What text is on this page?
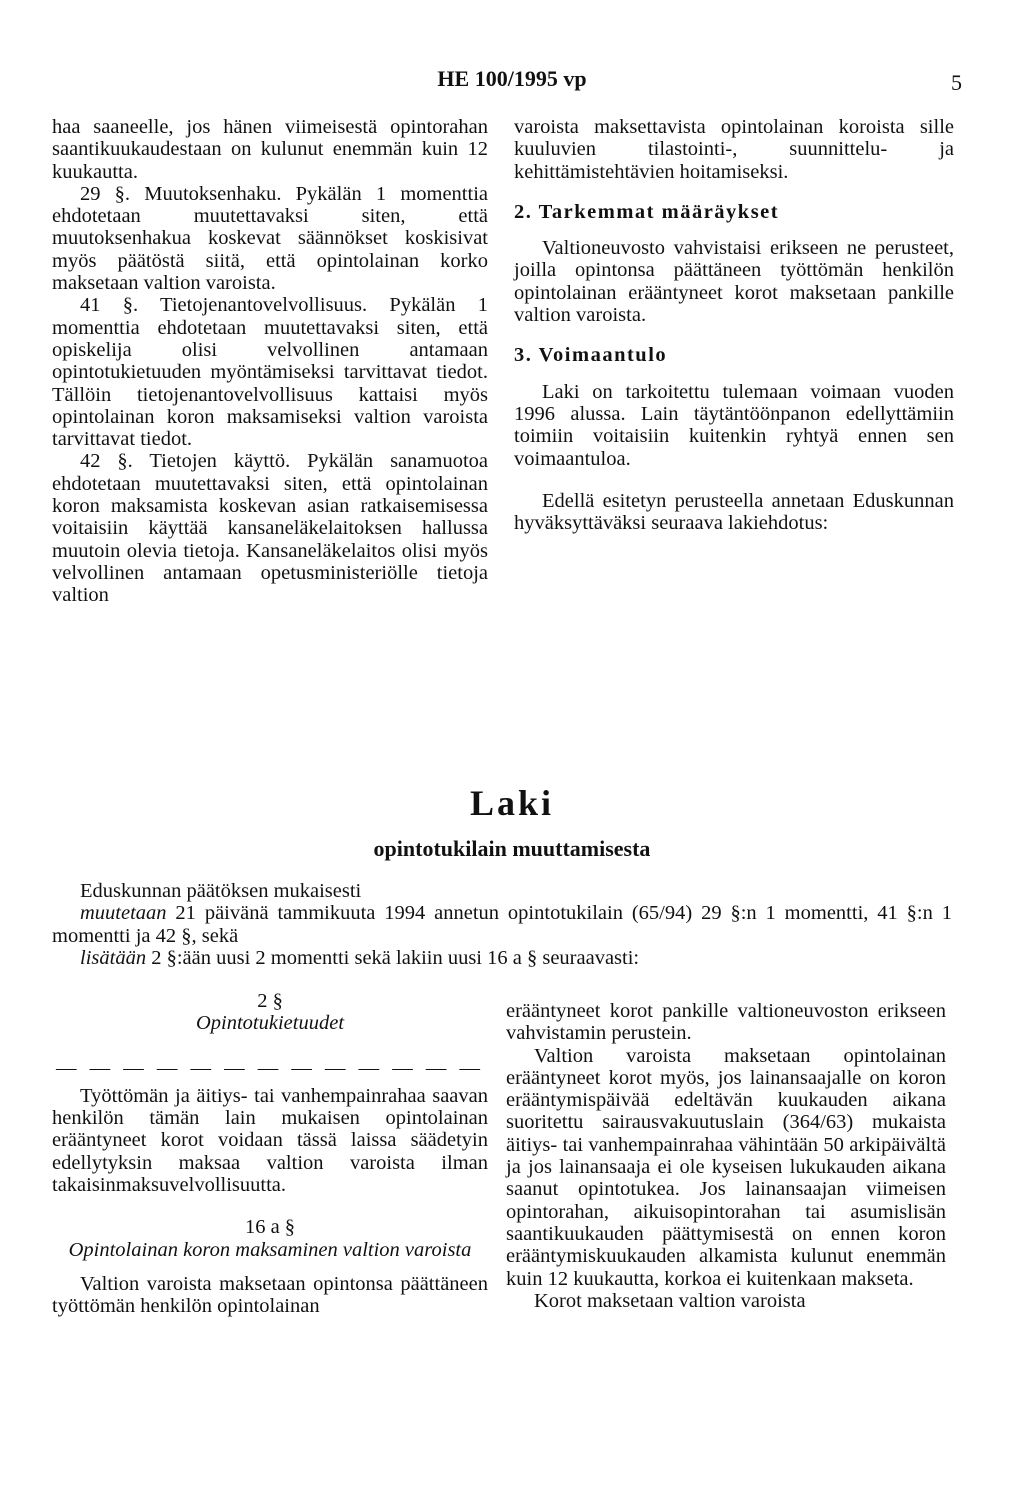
HE 100/1995 vp	5

haa saaneelle, jos hänen viimeisestä opintorahan saantikuukaudestaan on kulunut enemmän kuin 12 kuukautta.

29 §. Muutoksenhaku. Pykälän 1 momenttia ehdotetaan muutettavaksi siten, että muutoksenhakua koskevat säännökset koskisivat myös päätöstä siitä, että opintolainan korko maksetaan valtion varoista.

41 §. Tietojenantovelvollisuus. Pykälän 1 momenttia ehdotetaan muutettavaksi siten, että opiskelija olisi velvollinen antamaan opintotukietuuden myöntämiseksi tarvittavat tiedot. Tällöin tietojenantovelvollisuus kattaisi myös opintolainan koron maksamiseksi valtion varoista tarvittavat tiedot.

42 §. Tietojen käyttö. Pykälän sanamuotoa ehdotetaan muutettavaksi siten, että opintolainan koron maksamista koskevan asian ratkaisemisessa voitaisiin käyttää kansaneläkelaitoksen hallussa muutoin olevia tietoja. Kansaneläkelaitos olisi myös velvollinen antamaan opetusministeriölle tietoja valtion

varoista maksettavista opintolainan koroista sille kuuluvien tilastointi-, suunnittelu- ja kehittämistehtävien hoitamiseksi.

2. Tarkemmat määräykset

Valtioneuvosto vahvistaisi erikseen ne perusteet, joilla opintonsa päättäneen työttömän henkilön opintolainan erääntyneet korot maksetaan pankille valtion varoista.

3. Voimaantulo

Laki on tarkoitettu tulemaan voimaan vuoden 1996 alussa. Lain täytäntöönpanon edellyttämiin toimiin voitaisiin kuitenkin ryhtyä ennen sen voimaantuloa.

Edellä esitetyn perusteella annetaan Eduskunnan hyväksyttäväksi seuraava lakiehdotus:

Laki
opintotukilain muuttamisesta

Eduskunnan päätöksen mukaisesti

muutetaan 21 päivänä tammikuuta 1994 annetun opintotukilain (65/94) 29 §:n 1 momentti, 41 §:n 1 momentti ja 42 §, sekä

lisätään 2 §:ään uusi 2 momentti sekä lakiin uusi 16 a § seuraavasti:

2 §

Opintotukietuudet

— — — — — — — — — — — — —

Työttömän ja äitiys- tai vanhempainrahaa saavan henkilön tämän lain mukaisen opintolainan erääntyneet korot voidaan tässä laissa säädetyin edellytyksin maksaa valtion varoista ilman takaisinmaksuvelvollisuutta.

16 a §

Opintolainan koron maksaminen valtion varoista

Valtion varoista maksetaan opintonsa päättäneen työttömän henkilön opintolainan

erääntyneet korot pankille valtioneuvoston erikseen vahvistamin perustein.

Valtion varoista maksetaan opintolainan erääntyneet korot myös, jos lainansaajalle on koron erääntymispäivää edeltävän kuukauden aikana suoritettu sairausvakuutuslain (364/63) mukaista äitiys- tai vanhempainrahaa vähintään 50 arkipäivältä ja jos lainansaaja ei ole kyseisen lukukauden aikana saanut opintotukea. Jos lainansaajan viimeisen opintorahan, aikuisopintorahan tai asumislisän saantikuukauden päättymisestä on ennen koron erääntymiskuukauden alkamista kulunut enemmän kuin 12 kuukautta, korkoa ei kuitenkaan makseta.

Korot maksetaan valtion varoista
